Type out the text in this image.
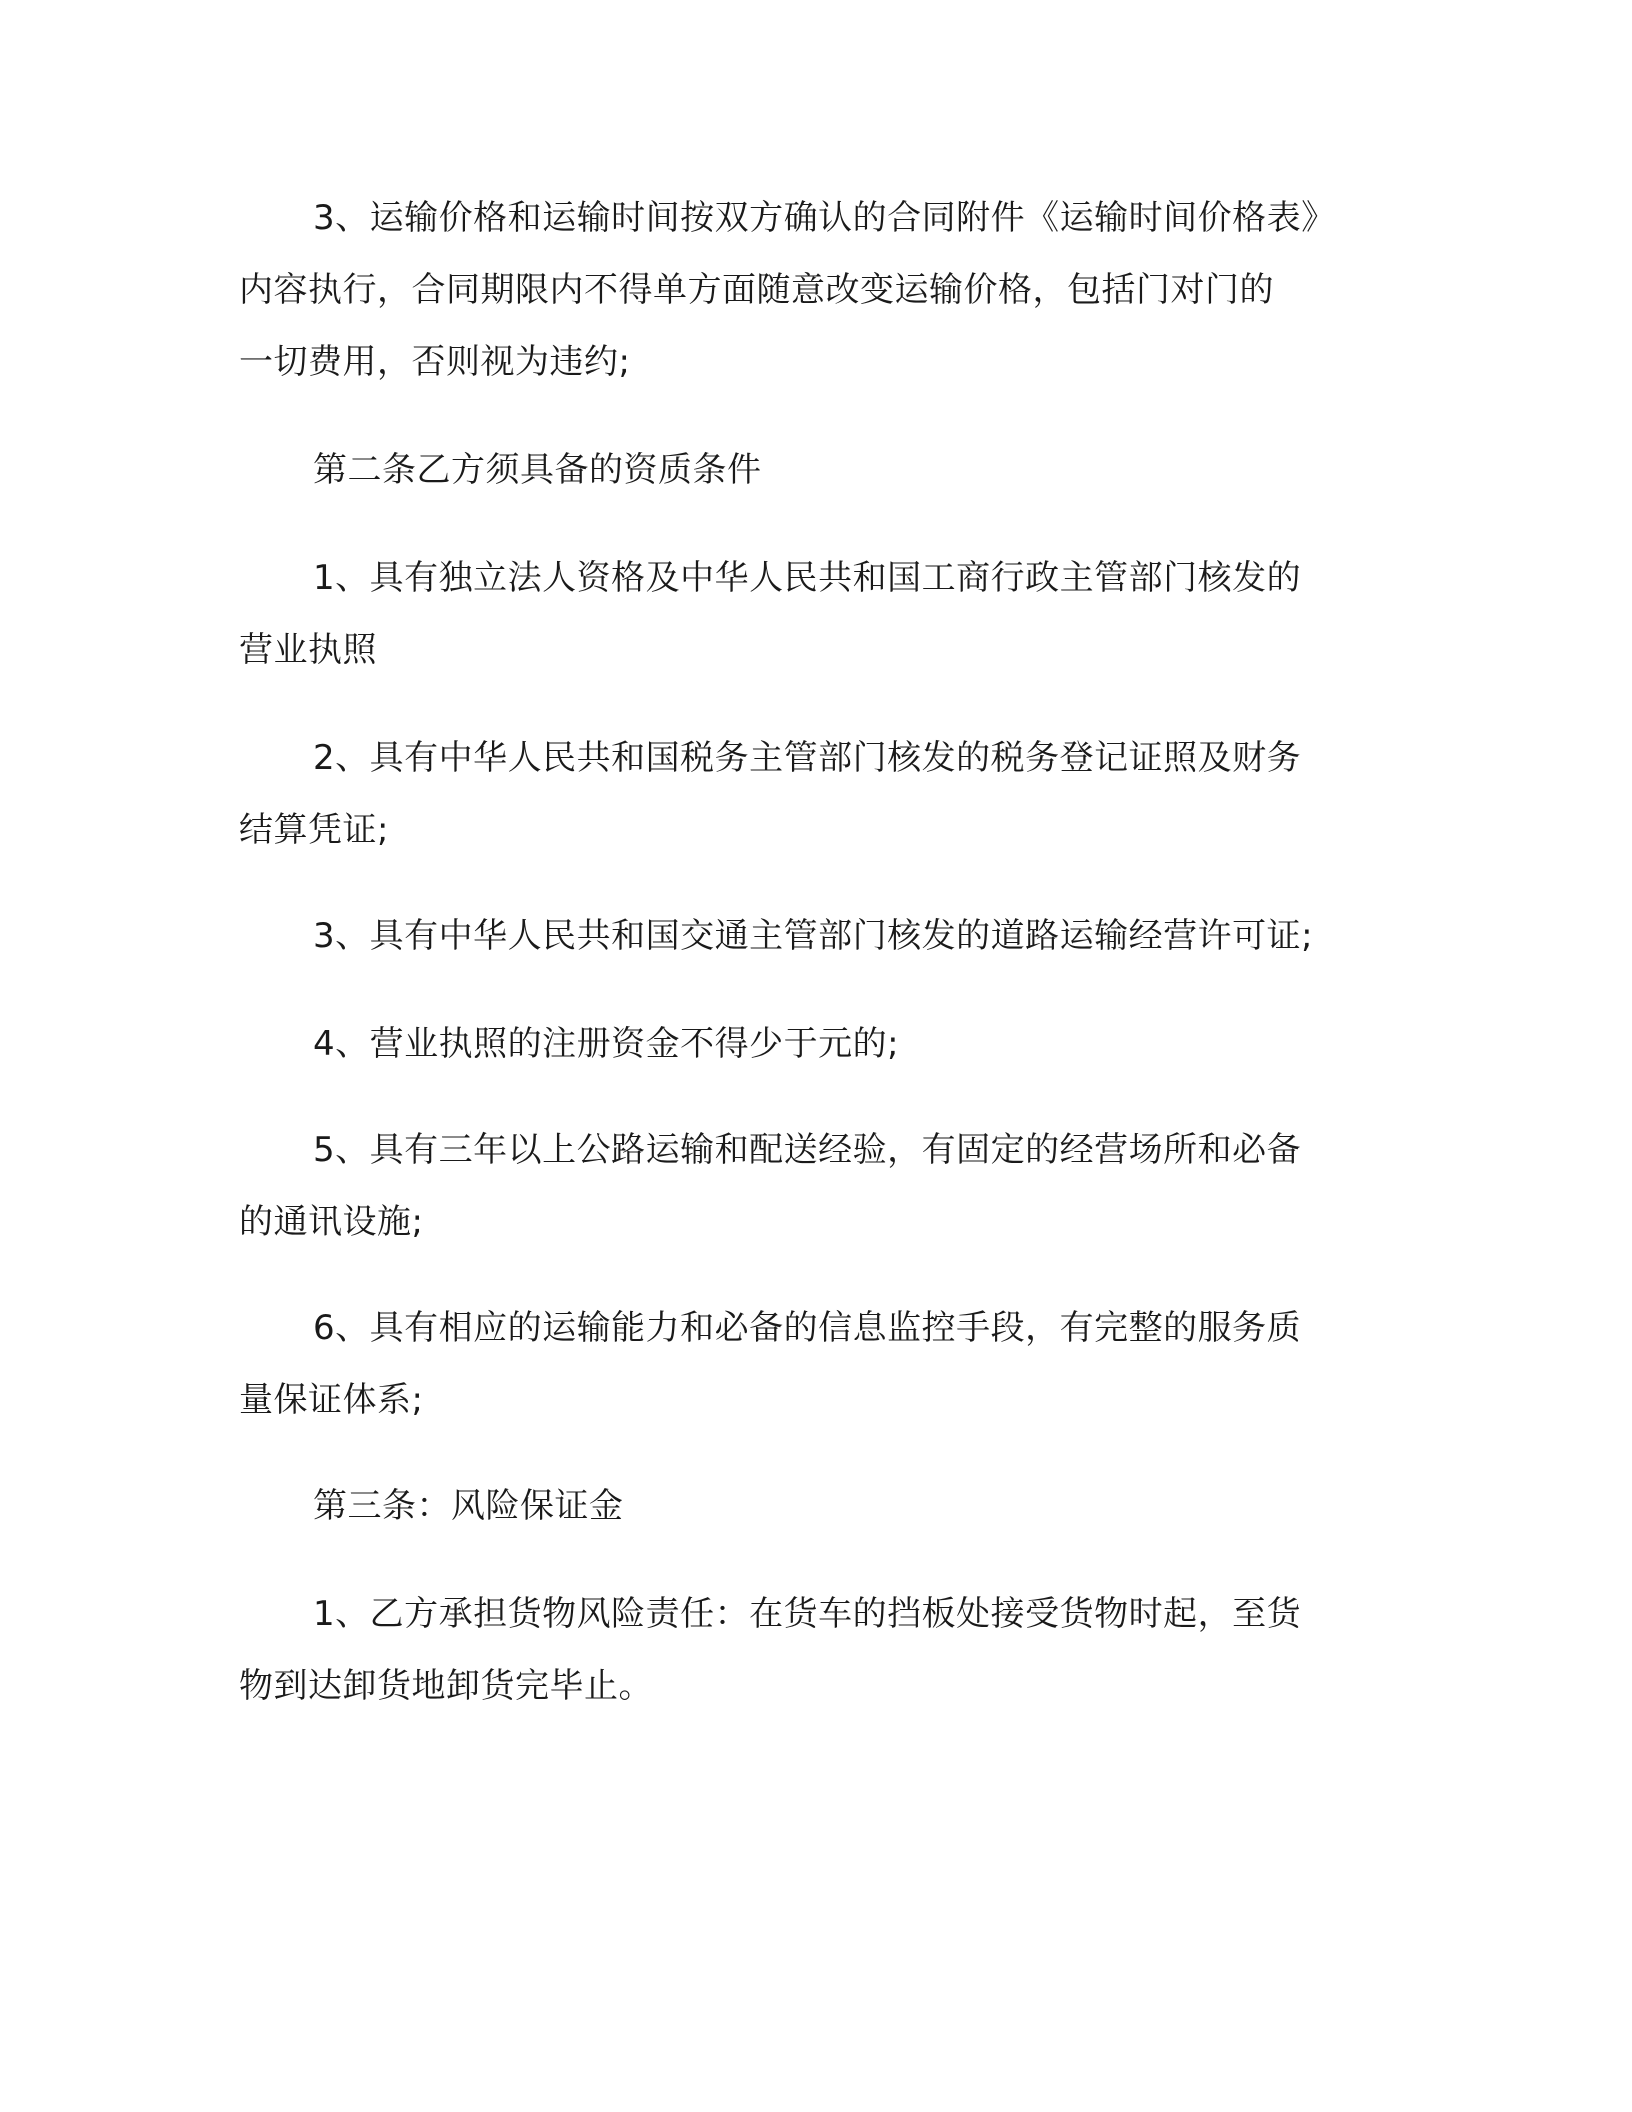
3、运输价格和运输时间按双方确认的合同附件《运输时间价格表》
内容执行，合同期限内不得单方面随意改变运输价格，包括门对门的
一切费用，否则视为违约;
第二条乙方须具备的资质条件
1、具有独立法人资格及中华人民共和国工商行政主管部门核发的
营业执照
2、具有中华人民共和国税务主管部门核发的税务登记证照及财务
结算凭证;
3、具有中华人民共和国交通主管部门核发的道路运输经营许可证;
4、营业执照的注册资金不得少于元的;
5、具有三年以上公路运输和配送经验，有固定的经营场所和必备
的通讯设施;
6、具有相应的运输能力和必备的信息监控手段，有完整的服务质
量保证体系;
第三条：风险保证金
1、乙方承担货物风险责任：在货车的挡板处接受货物时起，至货
物到达卸货地卸货完毕止。
